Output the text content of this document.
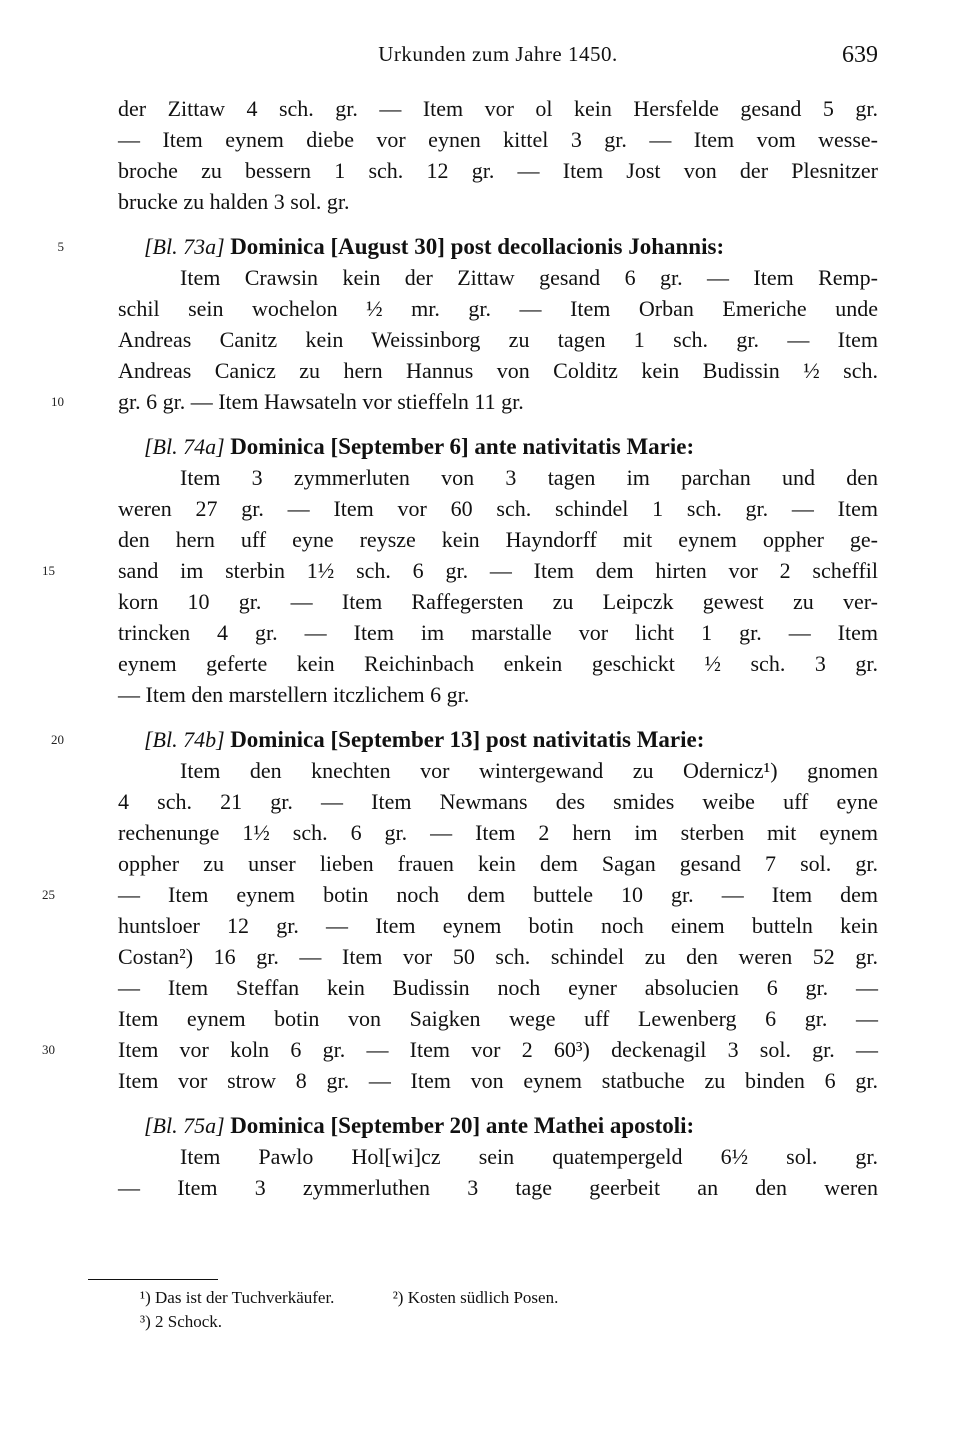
Urkunden zum Jahre 1450.	639
der Zittaw 4 sch. gr. — Item vor ol kein Hersfelde gesand 5 gr.
— Item eynem diebe vor eynen kittel 3 gr. — Item vom wesse-
broche zu bessern 1 sch. 12 gr. — Item Jost von der Plesnitzer
brucke zu halden 3 sol. gr.
5	[Bl. 73a] Dominica [August 30] post decollacionis Johannis:
Item Crawsin kein der Zittaw gesand 6 gr. — Item Remp-
schil sein wochelon ½ mr. gr. — Item Orban Emeriche unde
Andreas Canitz kein Weissinborg zu tagen 1 sch. gr. — Item
Andreas Canicz zu hern Hannus von Colditz kein Budissin ½ sch.
10 gr. 6 gr. — Item Hawsateln vor stieffeln 11 gr.
[Bl. 74a] Dominica [September 6] ante nativitatis Marie:
Item 3 zymmerluten von 3 tagen im parchan und den
weren 27 gr. — Item vor 60 sch. schindel 1 sch. gr. — Item
den hern uff eyne reysze kein Hayndorff mit eynem oppher ge-
15	sand im sterbin 1½ sch. 6 gr. — Item dem hirten vor 2 scheffil
korn 10 gr. — Item Raffegersten zu Leipczk gewest zu ver-
trincken 4 gr. — Item im marstalle vor licht 1 gr. — Item
eynem geferte kein Reichinbach enkein geschickt ½ sch. 3 gr.
— Item den marstellern itczlichem 6 gr.
20	[Bl. 74b] Dominica [September 13] post nativitatis Marie:
Item den knechten vor wintergewand zu Odernicz¹) gnomen
4 sch. 21 gr. — Item Newmans des smides weibe uff eyne
rechenunge 1½ sch. 6 gr. — Item 2 hern im sterben mit eynem
oppher zu unser lieben frauen kein dem Sagan gesand 7 sol. gr.
25	— Item eynem botin noch dem buttele 10 gr. — Item dem
huntsloer 12 gr. — Item eynem botin noch einem butteln kein
Costan²) 16 gr. — Item vor 50 sch. schindel zu den weren 52 gr.
— Item Steffan kein Budissin noch eyner absolucien 6 gr. —
Item eynem botin von Saigken wege uff Lewenberg 6 gr. —
30	Item vor koln 6 gr. — Item vor 2 60³) deckenagil 3 sol. gr. —
Item vor strow 8 gr. — Item von eynem statbuche zu binden 6 gr.
[Bl. 75a] Dominica [September 20] ante Mathei apostoli:
Item Pawlo Hol[wi]cz sein quatempergeld 6½ sol. gr.
— Item 3 zymmerluthen 3 tage geerbeit an den weren
¹) Das ist der Tuchverkäufer.	²) Kosten südlich Posen.
³) 2 Schock.
